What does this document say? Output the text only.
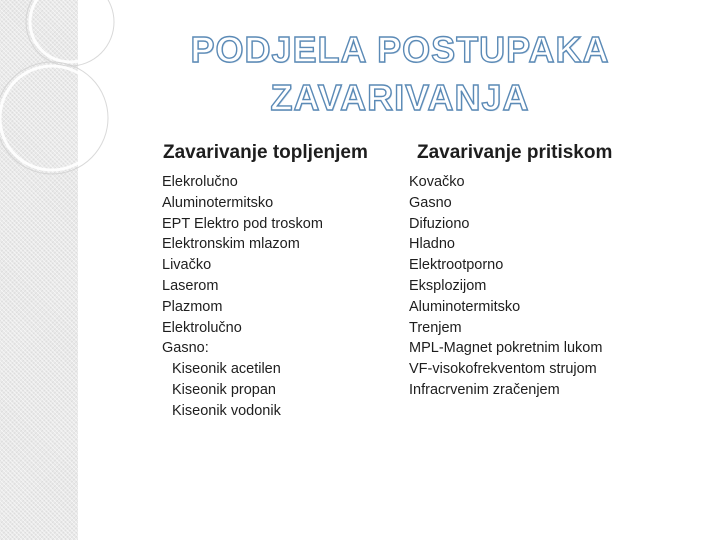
PODJELA POSTUPAKA
ZAVARIVANJA
Zavarivanje topljenjem	Zavarivanje pritiskom
Elekrolučno
Aluminotermitsko
EPT Elektro pod troskom
Elektronskim mlazom
Livačko
Laserom
Plazmom
Elektrolučno
Gasno:
Kiseonik acetilen
Kiseonik propan
Kiseonik vodonik
Kovačko
Gasno
Difuziono
Hladno
Elektrootporno
Eksplozijom
Aluminotermitsko
Trenjem
MPL-Magnet pokretnim lukom
VF-visokofrekventom strujom
Infracrvenim zračenjem
